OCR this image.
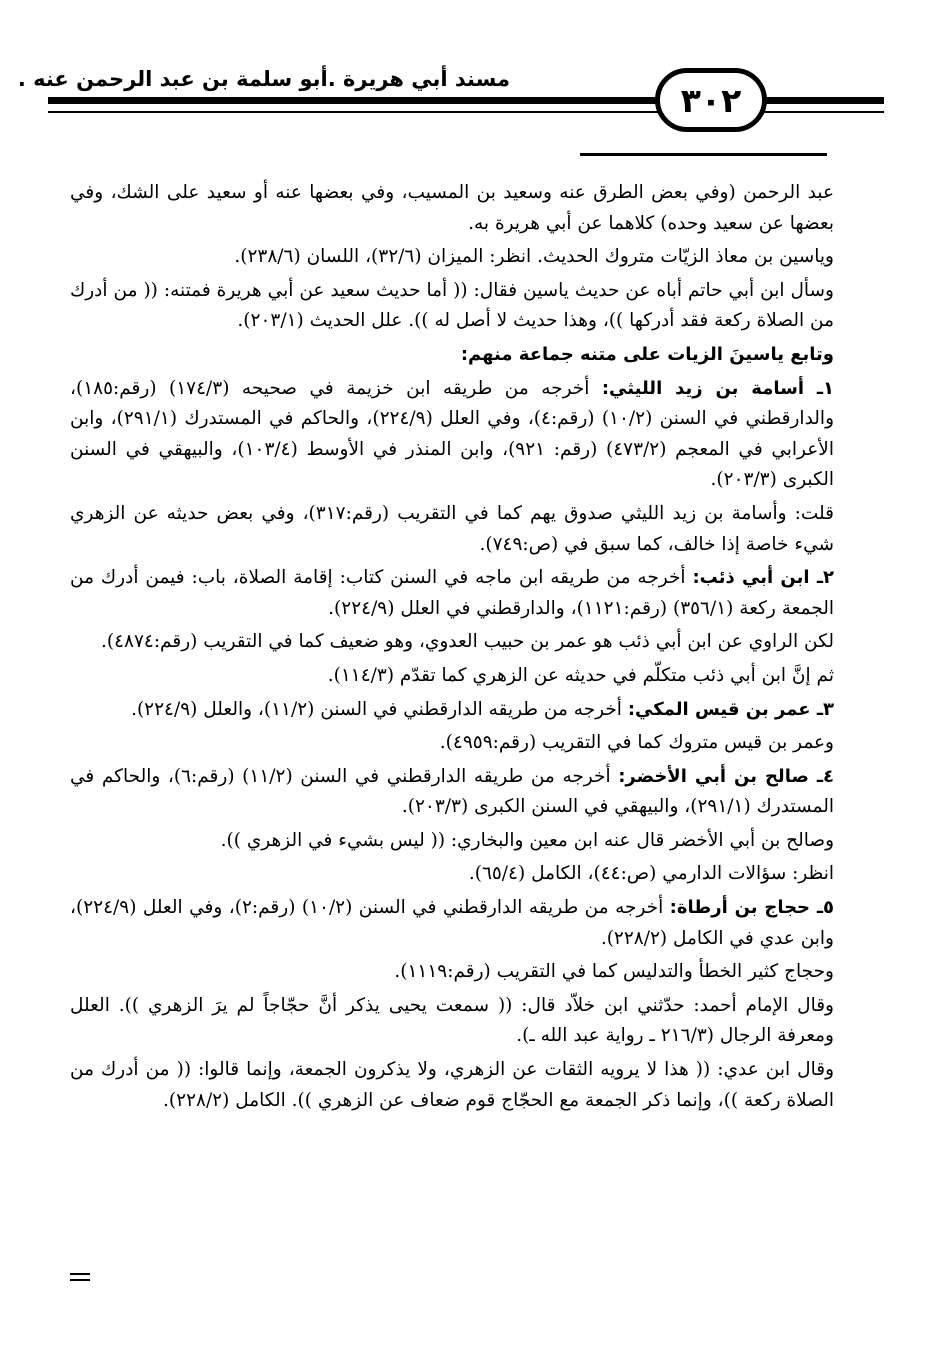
مسند أبي هريرة .أبو سلمة بن عبد الرحمن عنه .
٣٠٢

عبد الرحمن (وفي بعض الطرق عنه وسعيد بن المسيب، وفي بعضها عنه أو سعيد على الشك، وفي بعضها عن سعيد وحده) كلاهما عن أبي هريرة به.

وياسين بن معاذ الزيّات متروك الحديث. انظر: الميزان (٣٢/٦)، اللسان (٢٣٨/٦).

وسأل ابن أبي حاتم أباه عن حديث ياسين فقال: (( أما حديث سعيد عن أبي هريرة فمتنه: (( من أدرك من الصلاة ركعة فقد أدركها ))، وهذا حديث لا أصل له )). علل الحديث (٢٠٣/١).

وتابع ياسينَ الزيات على متنه جماعة منهم:

١ـ أسامة بن زيد الليثي: أخرجه من طريقه ابن خزيمة في صحيحه (١٧٤/٣) (رقم:١٨٥)، والدارقطني في السنن (١٠/٢) (رقم:٤)، وفي العلل (٢٢٤/٩)، والحاكم في المستدرك (٢٩١/١)، وابن الأعرابي في المعجم (٤٧٣/٢) (رقم: ٩٢١)، وابن المنذر في الأوسط (١٠٣/٤)، والبيهقي في السنن الكبرى (٢٠٣/٣).

قلت: وأسامة بن زيد الليثي صدوق يهم كما في التقريب (رقم:٣١٧)، وفي بعض حديثه عن الزهري شيء خاصة إذا خالف، كما سبق في (ص:٧٤٩).

٢ـ ابن أبي ذئب: أخرجه من طريقه ابن ماجه في السنن كتاب: إقامة الصلاة، باب: فيمن أدرك من الجمعة ركعة (٣٥٦/١) (رقم:١١٢١)، والدارقطني في العلل (٢٢٤/٩).

لكن الراوي عن ابن أبي ذئب هو عمر بن حبيب العدوي، وهو ضعيف كما في التقريب (رقم:٤٨٧٤).

ثم إنَّ ابن أبي ذئب متكلّم في حديثه عن الزهري كما تقدّم (١١٤/٣).

٣ـ عمر بن قيس المكي: أخرجه من طريقه الدارقطني في السنن (١١/٢)، والعلل (٢٢٤/٩).

وعمر بن قيس متروك كما في التقريب (رقم:٤٩٥٩).

٤ـ صالح بن أبي الأخضر: أخرجه من طريقه الدارقطني في السنن (١١/٢) (رقم:٦)، والحاكم في المستدرك (٢٩١/١)، والبيهقي في السنن الكبرى (٢٠٣/٣).

وصالح بن أبي الأخضر قال عنه ابن معين والبخاري: (( ليس بشيء في الزهري )).

انظر: سؤالات الدارمي (ص:٤٤)، الكامل (٦٥/٤).

٥ـ حجاج بن أرطاة: أخرجه من طريقه الدارقطني في السنن (١٠/٢) (رقم:٢)، وفي العلل (٢٢٤/٩)، وابن عدي في الكامل (٢٢٨/٢).

وحجاج كثير الخطأ والتدليس كما في التقريب (رقم:١١١٩).

وقال الإمام أحمد: حدّثني ابن خلاّد قال: (( سمعت يحيى يذكر أنَّ حجّاجاً لم يرَ الزهري )). العلل ومعرفة الرجال (٢١٦/٣ ـ رواية عبد الله ـ).

وقال ابن عدي: (( هذا لا يرويه الثقات عن الزهري، ولا يذكرون الجمعة، وإنما قالوا: (( من أدرك من الصلاة ركعة ))، وإنما ذكر الجمعة مع الحجّاج قوم ضعاف عن الزهري )). الكامل (٢٢٨/٢).
